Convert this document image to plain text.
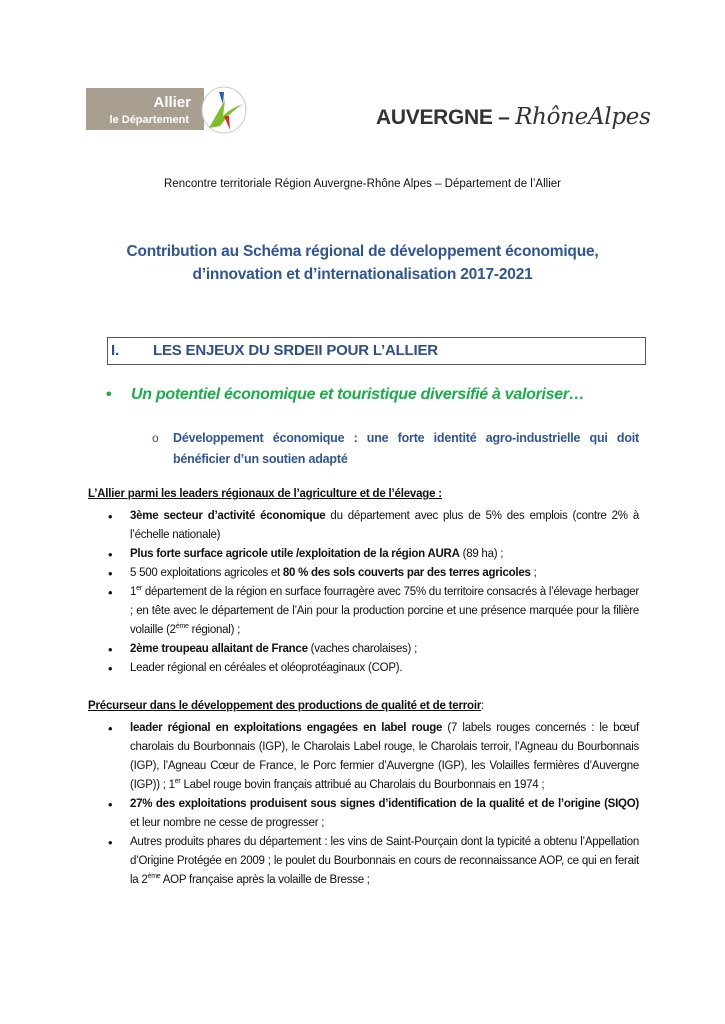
Allier
le Département	AUVERGNE – RhôneAlpes
Rencontre territoriale Région Auvergne-Rhône Alpes – Département de l’Allier
Contribution au Schéma régional de développement économique,
d’innovation et d’internationalisation 2017-2021
I. LES ENJEUX DU SRDEII POUR L’ALLIER
• Un potentiel économique et touristique diversifié à valoriser…
o Développement économique : une forte identité agro-industrielle qui doit bénéficier d’un soutien adapté
L’Allier parmi les leaders régionaux de l’agriculture et de l’élevage :
• 3ème secteur d’activité économique du département avec plus de 5% des emplois (contre 2% à l’échelle nationale)
• Plus forte surface agricole utile /exploitation de la région AURA (89 ha) ;
• 5 500 exploitations agricoles et 80 % des sols couverts par des terres agricoles ;
• 1er département de la région en surface fourragère avec 75% du territoire consacrés à l’élevage herbager ; en tête avec le département de l’Ain pour la production porcine et une présence marquée pour la filière volaille (2ème régional) ;
• 2ème troupeau allaitant de France (vaches charolaises) ;
• Leader régional en céréales et oléoprotéaginaux (COP).
Précurseur dans le développement des productions de qualité et de terroir:
• leader régional en exploitations engagées en label rouge (7 labels rouges concernés : le bœuf charolais du Bourbonnais (IGP), le Charolais Label rouge, le Charolais terroir, l’Agneau du Bourbonnais (IGP), l’Agneau Cœur de France, le Porc fermier d’Auvergne (IGP), les Volailles fermières d’Auvergne (IGP)) ; 1er Label rouge bovin français attribué au Charolais du Bourbonnais en 1974 ;
• 27% des exploitations produisent sous signes d’identification de la qualité et de l’origine (SIQO) et leur nombre ne cesse de progresser ;
• Autres produits phares du département : les vins de Saint-Pourçain dont la typicité a obtenu l’Appellation d’Origine Protégée en 2009 ; le poulet du Bourbonnais en cours de reconnaissance AOP, ce qui en ferait la 2ème AOP française après la volaille de Bresse ;
